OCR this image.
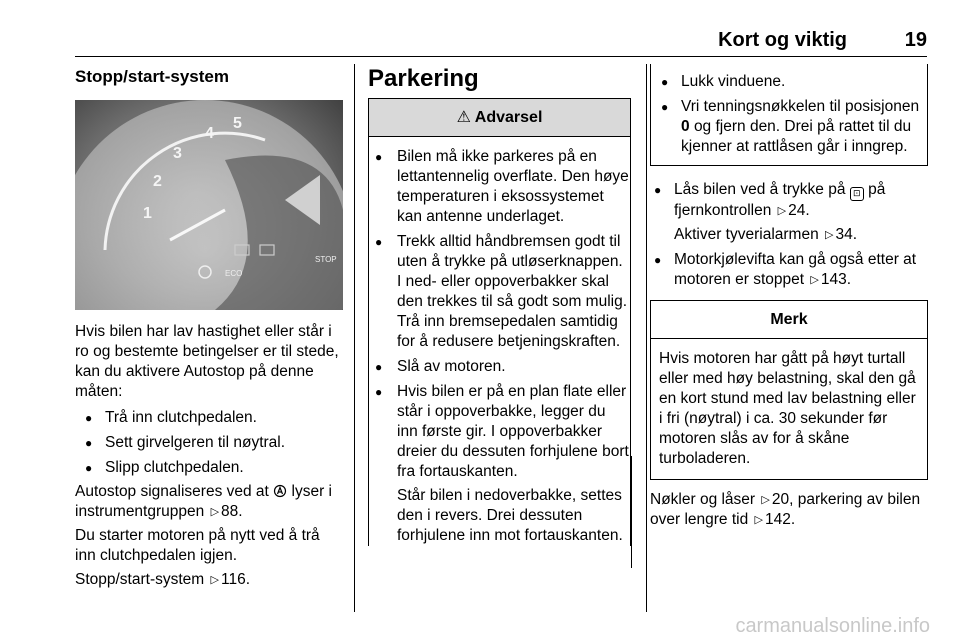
Kort og viktig	19
Stopp/start-system
1
2
3
4
5
ECO
STOP

Hvis bilen har lav hastighet eller står i ro og bestemte betingelser er til stede, kan du aktivere Autostop på denne måten:

● Trå inn clutchpedalen.
● Sett girvelgeren til nøytral.
● Slipp clutchpedalen.

Autostop signaliseres ved at lyser i instrumentgruppen ▷ 88.

Du starter motoren på nytt ved å trå inn clutchpedalen igjen.

Stopp/start-system ▷ 116.

Parkering
⚠ Advarsel
● Bilen må ikke parkeres på en lettantennelig overflate. Den høye temperaturen i eksossystemet kan antenne underlaget.
● Trekk alltid håndbremsen godt til uten å trykke på utløserknappen. I ned- eller oppoverbakker skal den trekkes til så godt som mulig. Trå inn bremsepedalen samtidig for å redusere betjeningskraften.
● Slå av motoren.
● Hvis bilen er på en plan flate eller står i oppoverbakke, legger du inn første gir. I oppoverbakker dreier du dessuten forhjulene bort fra fortauskanten.
Står bilen i nedoverbakke, settes den i revers. Drei dessuten forhjulene inn mot fortauskanten.
● Lukk vinduene.
● Vri tenningsnøkkelen til posisjonen 0 og fjern den. Drei på rattet til du kjenner at rattlåsen går i inngrep.
● Lås bilen ved å trykke på ⊡ på fjernkontrollen ▷ 24.
Aktiver tyverialarmen ▷ 34.
● Motorkjølevifta kan gå også etter at motoren er stoppet ▷ 143.
Merk
Hvis motoren har gått på høyt turtall eller med høy belastning, skal den gå en kort stund med lav belastning eller i fri (nøytral) i ca. 30 sekunder før motoren slås av for å skåne turboladeren.

Nøkler og låser ▷ 20, parkering av bilen over lengre tid ▷ 142.

carmanualsonline.info
